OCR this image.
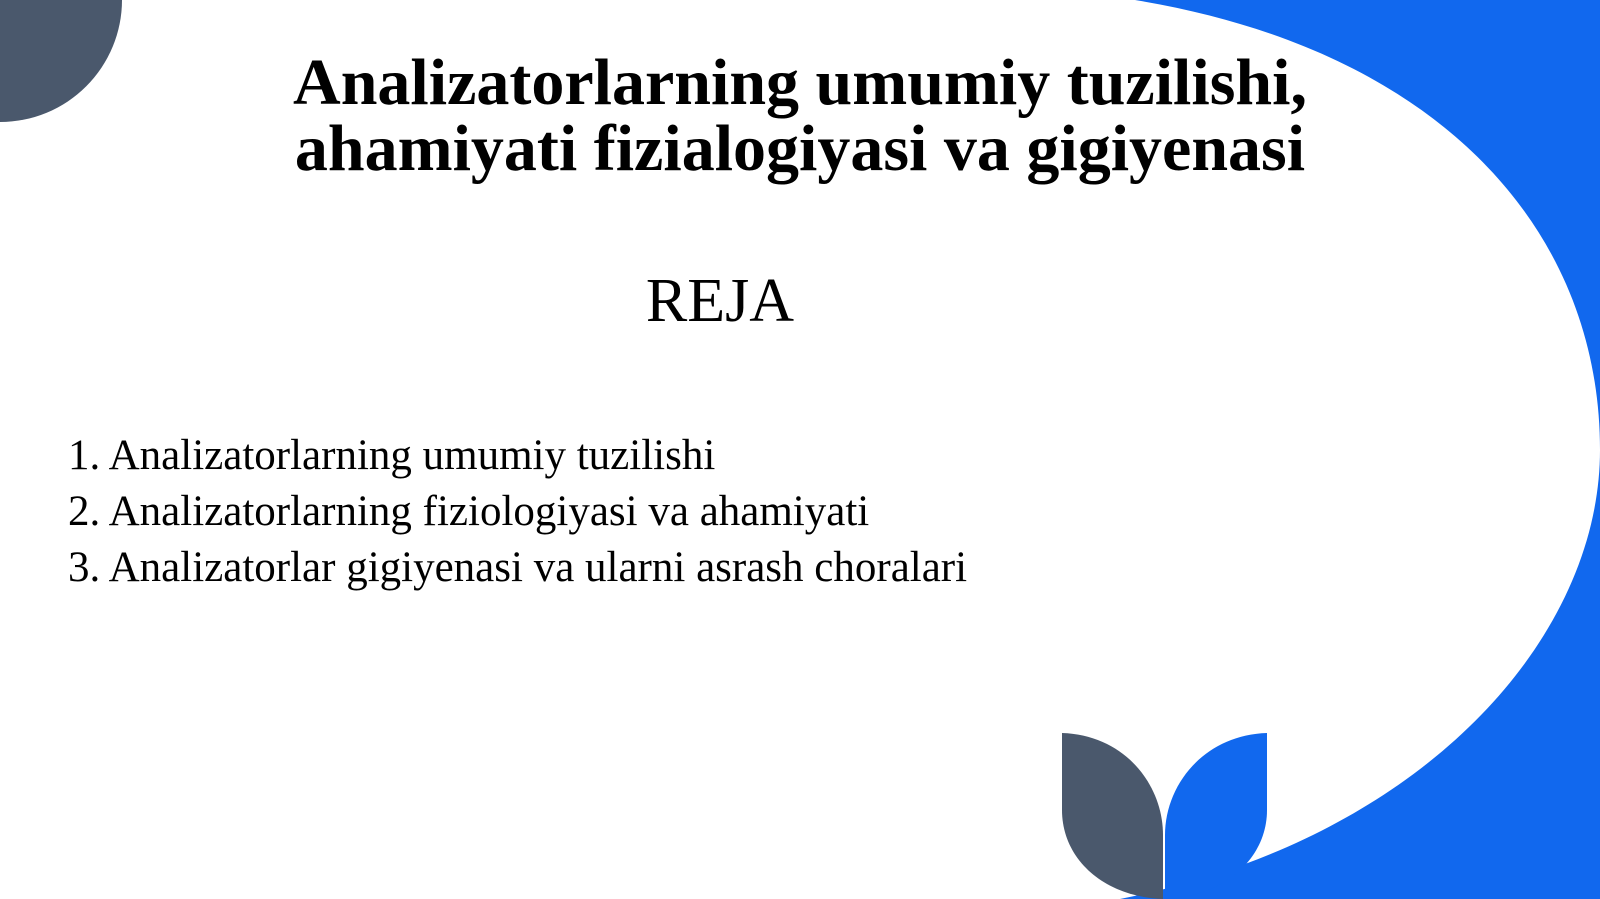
Analizatorlarning umumiy tuzilishi,
ahamiyati fizialogiyasi va gigiyenasi
REJA
1. Analizatorlarning umumiy tuzilishi
2. Analizatorlarning fiziologiyasi va ahamiyati
3. Analizatorlar gigiyenasi va ularni asrash choralari
